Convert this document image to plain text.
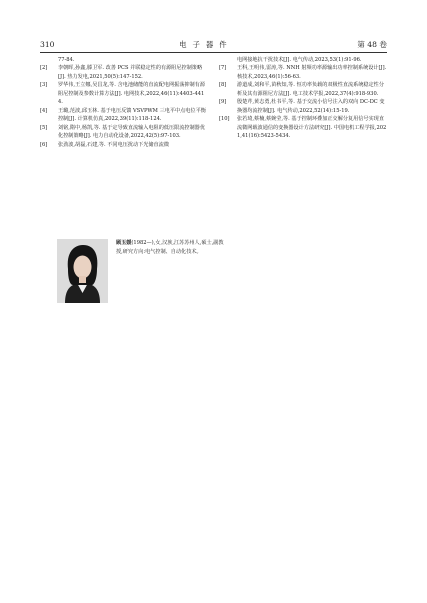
310	电子器件	第 48 卷
77-84.
[2]	李朝晖,孙鑫,滕卫军. 改善 PCS 并联稳定性的有源阻尼控制策略[J]. 热力发电,2021,50(5):147-152.
[3]	罗华伟,王立娜,吴昌龙,等. 含电池储能的直流配电网振荡抑制有源阻尼控制及参数计算方法[J]. 电网技术,2022,46(11):4403-4414.
[4]	王璐,范波,邱玉林. 基于电压反馈 VSVPWM 三电平中点电位平衡控制[J]. 计算机仿真,2022,39(11):118-124.
[5]	刘铭,隋中,杨凯,等. 基于定导致直流输入电阻的低压限流控制器优化控制策略[J]. 电力自动化设备,2022,42(5):97-103.
[6]	张劲波,胡磊,石建,等. 不同电压扰动下光储直流微
电网接地抗干扰技术[J]. 电气传动,2023,53(1):91-96.
[7]	王科,王明伟,雷涛,等. NNH 射频功率源输出功率控制系统设计[J]. 核技术,2023,46(1):56-63.
[8]	游道成,刘和平,苗秋知,等. 恒功率负载的双极性直流系统稳定性分析及其有源阻尼方法[J]. 电工技术学报,2022,37(4):918-930.
[9]	殷楚芹,黄志勇,杜书平,等. 基于交流小信号注入的双向 DC-DC 变换器均流控制[J]. 电气传动,2022,52(14):15-19.
[10]	张若琦,蔡楠,蔡婉莹,等. 基于控制环叠加正交解分复用信号实现直流微网载波通信的变换器设计方法研究[J]. 中国电机工程学报,2021,41(16):5423-5434.
顾玉媛(1982—),女,汉族,江苏苏州人,硕士,副教授,研究方向:电气控制、自动化技术。
